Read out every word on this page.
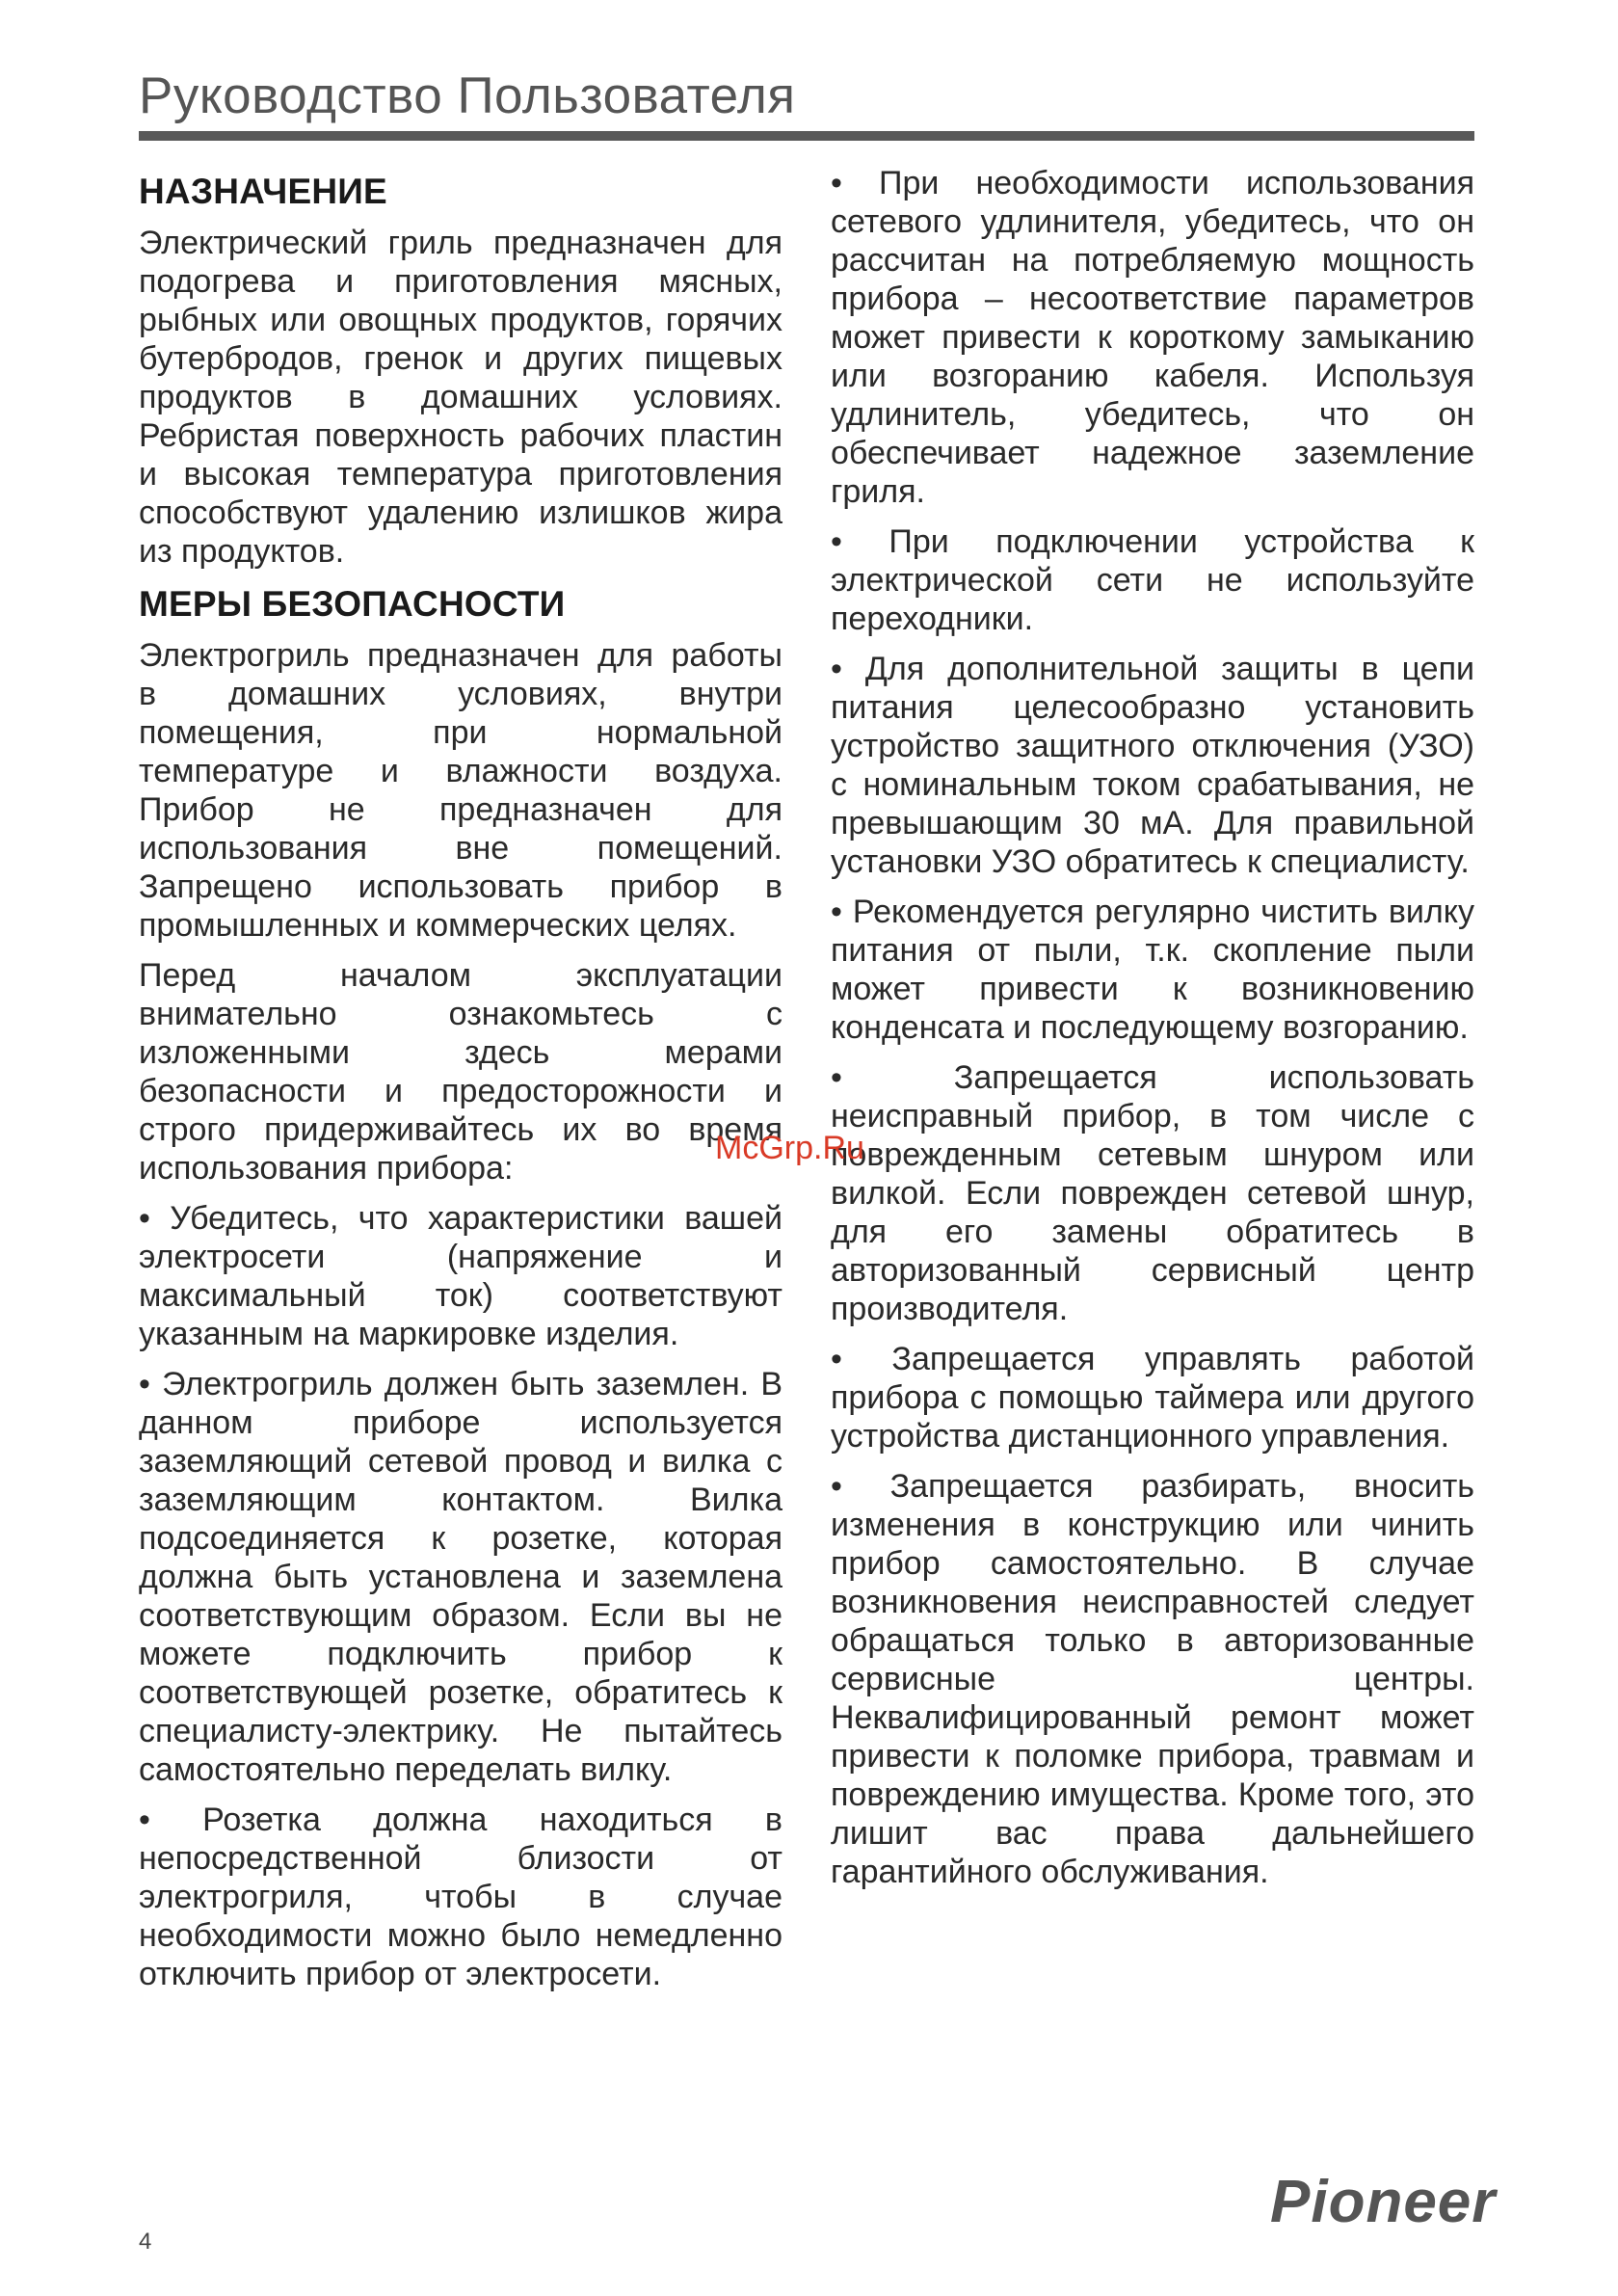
Руководство Пользователя
НАЗНАЧЕНИЕ

Электрический гриль предназначен для подогрева и приготовления мясных, рыбных или овощных продуктов, горячих бутербродов, гренок и других пищевых продуктов в домашних условиях. Ребристая поверхность рабочих пластин и высокая температура приготовления способствуют удалению излишков жира из продуктов.

МЕРЫ БЕЗОПАСНОСТИ

Электрогриль предназначен для работы в домашних условиях, внутри помещения, при нормальной температуре и влажности воздуха. Прибор не предназначен для использования вне помещений. Запрещено использовать прибор в промышленных и коммерческих целях.

Перед началом эксплуатации внимательно ознакомьтесь с изложенными здесь мерами безопасности и предосторожности и строго придерживайтесь их во время использования прибора:

• Убедитесь, что характеристики вашей электросети (напряжение и максимальный ток) соответствуют указанным на маркировке изделия.

• Электрогриль должен быть заземлен. В данном приборе используется заземляющий сетевой провод и вилка с заземляющим контактом. Вилка подсоединяется к розетке, которая должна быть установлена и заземлена соответствующим образом. Если вы не можете подключить прибор к соответствующей розетке, обратитесь к специалисту-электрику. Не пытайтесь самостоятельно переделать вилку.

• Розетка должна находиться в непосредственной близости от электрогриля, чтобы в случае необходимости можно было немедленно отключить прибор от электросети.

• При необходимости использования сетевого удлинителя, убедитесь, что он рассчитан на потребляемую мощность прибора – несоответствие параметров может привести к короткому замыканию или возгоранию кабеля. Используя удлинитель, убедитесь, что он обеспечивает надежное заземление гриля.

• При подключении устройства к электрической сети не используйте переходники.

• Для дополнительной защиты в цепи питания целесообразно установить устройство защитного отключения (УЗО) с номинальным током срабатывания, не превышающим 30 мА. Для правильной установки УЗО обратитесь к специалисту.

• Рекомендуется регулярно чистить вилку питания от пыли, т.к. скопление пыли может привести к возникновению конденсата и последующему возгоранию.

• Запрещается использовать неисправный прибор, в том числе с поврежденным сетевым шнуром или вилкой. Если поврежден сетевой шнур, для его замены обратитесь в авторизованный сервисный центр производителя.

• Запрещается управлять работой прибора с помощью таймера или другого устройства дистанционного управления.

• Запрещается разбирать, вносить изменения в конструкцию или чинить прибор самостоятельно. В случае возникновения неисправностей следует обращаться только в авторизованные сервисные центры. Неквалифицированный ремонт может привести к поломке прибора, травмам и повреждению имущества. Кроме того, это лишит вас права дальнейшего гарантийного обслуживания.

McGrp.Ru
4
Pioneer
